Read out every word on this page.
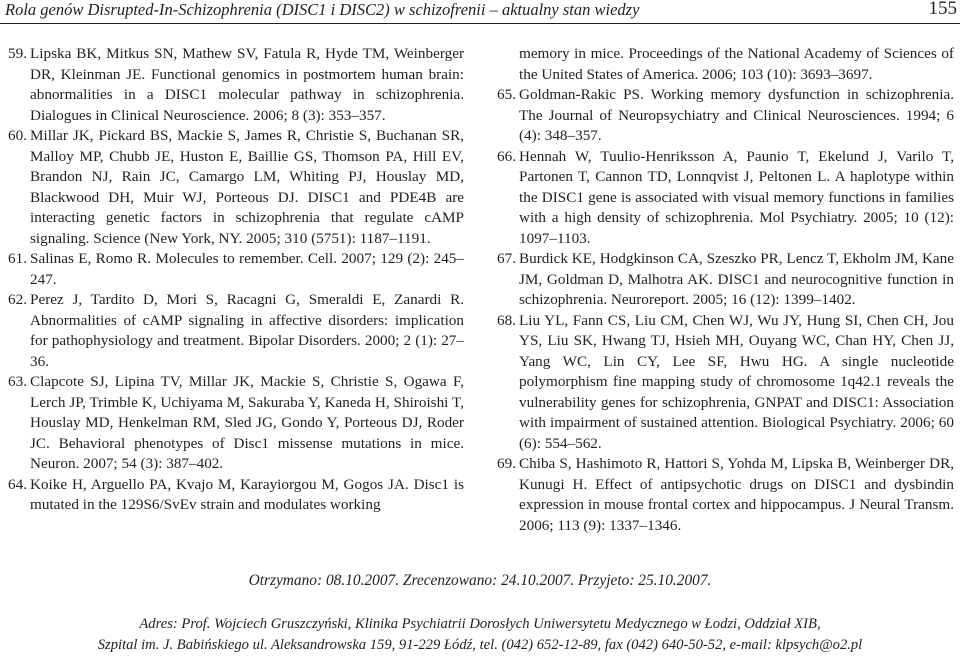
Rola genów Disrupted-In-Schizophrenia (DISC1 i DISC2) w schizofrenii – aktualny stan wiedzy	155

59. Lipska BK, Mitkus SN, Mathew SV, Fatula R, Hyde TM, Weinberger DR, Kleinman JE. Functional genomics in postmortem human brain: abnormalities in a DISC1 molecular pathway in schizophrenia. Dialogues in Clinical Neuroscience. 2006; 8 (3): 353–357.

60. Millar JK, Pickard BS, Mackie S, James R, Christie S, Buchanan SR, Malloy MP, Chubb JE, Huston E, Baillie GS, Thomson PA, Hill EV, Brandon NJ, Rain JC, Camargo LM, Whiting PJ, Houslay MD, Blackwood DH, Muir WJ, Porteous DJ. DISC1 and PDE4B are interacting genetic factors in schizophrenia that regulate cAMP signaling. Science (New York, NY. 2005; 310 (5751): 1187–1191.

61. Salinas E, Romo R. Molecules to remember. Cell. 2007; 129 (2): 245–247.

62. Perez J, Tardito D, Mori S, Racagni G, Smeraldi E, Zanardi R. Abnormalities of cAMP signaling in affective disorders: implication for pathophysiology and treatment. Bipolar Disorders. 2000; 2 (1): 27–36.

63. Clapcote SJ, Lipina TV, Millar JK, Mackie S, Christie S, Ogawa F, Lerch JP, Trimble K, Uchiyama M, Sakuraba Y, Kaneda H, Shiroishi T, Houslay MD, Henkelman RM, Sled JG, Gondo Y, Porteous DJ, Roder JC. Behavioral phenotypes of Disc1 missense mutations in mice. Neuron. 2007; 54 (3): 387–402.

64. Koike H, Arguello PA, Kvajo M, Karayiorgou M, Gogos JA. Disc1 is mutated in the 129S6/SvEv strain and modulates working

memory in mice. Proceedings of the National Academy of Sciences of the United States of America. 2006; 103 (10): 3693–3697.

65. Goldman-Rakic PS. Working memory dysfunction in schizophrenia. The Journal of Neuropsychiatry and Clinical Neurosciences. 1994; 6 (4): 348–357.

66. Hennah W, Tuulio-Henriksson A, Paunio T, Ekelund J, Varilo T, Partonen T, Cannon TD, Lonnqvist J, Peltonen L. A haplotype within the DISC1 gene is associated with visual memory functions in families with a high density of schizophrenia. Mol Psychiatry. 2005; 10 (12): 1097–1103.

67. Burdick KE, Hodgkinson CA, Szeszko PR, Lencz T, Ekholm JM, Kane JM, Goldman D, Malhotra AK. DISC1 and neurocognitive function in schizophrenia. Neuroreport. 2005; 16 (12): 1399–1402.

68. Liu YL, Fann CS, Liu CM, Chen WJ, Wu JY, Hung SI, Chen CH, Jou YS, Liu SK, Hwang TJ, Hsieh MH, Ouyang WC, Chan HY, Chen JJ, Yang WC, Lin CY, Lee SF, Hwu HG. A single nucleotide polymorphism fine mapping study of chromosome 1q42.1 reveals the vulnerability genes for schizophrenia, GNPAT and DISC1: Association with impairment of sustained attention. Biological Psychiatry. 2006; 60 (6): 554–562.

69. Chiba S, Hashimoto R, Hattori S, Yohda M, Lipska B, Weinberger DR, Kunugi H. Effect of antipsychotic drugs on DISC1 and dysbindin expression in mouse frontal cortex and hippocampus. J Neural Transm. 2006; 113 (9): 1337–1346.

Otrzymano: 08.10.2007. Zrecenzowano: 24.10.2007. Przyjeto: 25.10.2007.
Adres: Prof. Wojciech Gruszczyński, Klinika Psychiatrii Dorosłych Uniwersytetu Medycznego w Łodzi, Oddział XIB,
Szpital im. J. Babińskiego ul. Aleksandrowska 159, 91-229 Łódź, tel. (042) 652-12-89, fax (042) 640-50-52, e-mail: klpsych@o2.pl
